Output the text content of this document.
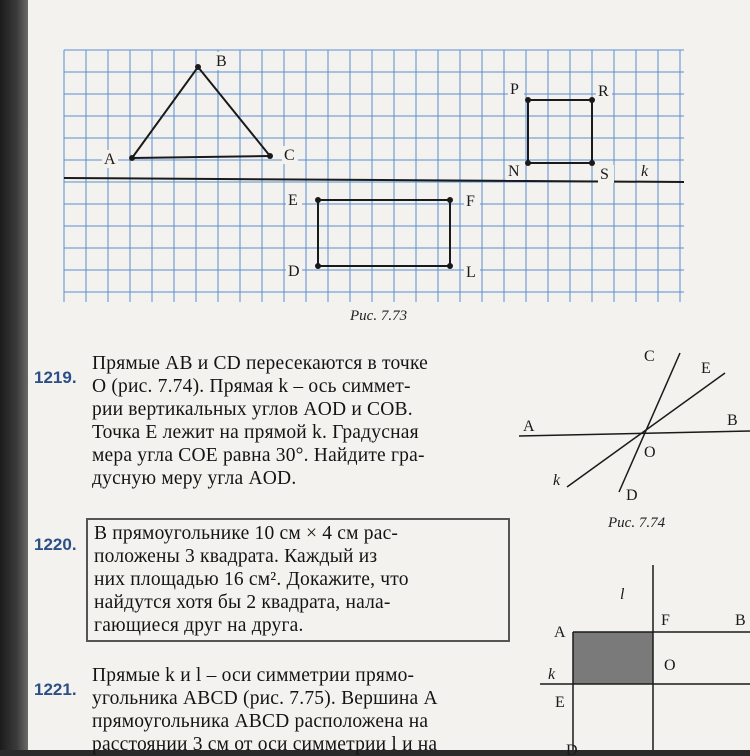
A
B
C
P	R
N	S k
E	F
D	L
Рис. 7.73
1219.
Прямые AB и CD пересекаются в точке
O (рис. 7.74). Прямая k – ось симмет-
рии вертикальных углов AOD и COB.
Точка E лежит на прямой k. Градусная
мера угла COE равна 30°. Найдите гра-
дусную меру угла AOD.
C
E
A	B
O
k
D
Рис. 7.74
1220.
В прямоугольнике 10 см × 4 см рас-
положены 3 квадрата. Каждый из
них площадью 16 см². Докажите, что
найдутся хотя бы 2 квадрата, нала-
гающиеся друг на друга.
l
A
F	B
O
k
E
D
1221.
Прямые k и l – оси симметрии прямо-
угольника ABCD (рис. 7.75). Вершина A
прямоугольника ABCD расположена на
расстоянии 3 см от оси симметрии l и на
